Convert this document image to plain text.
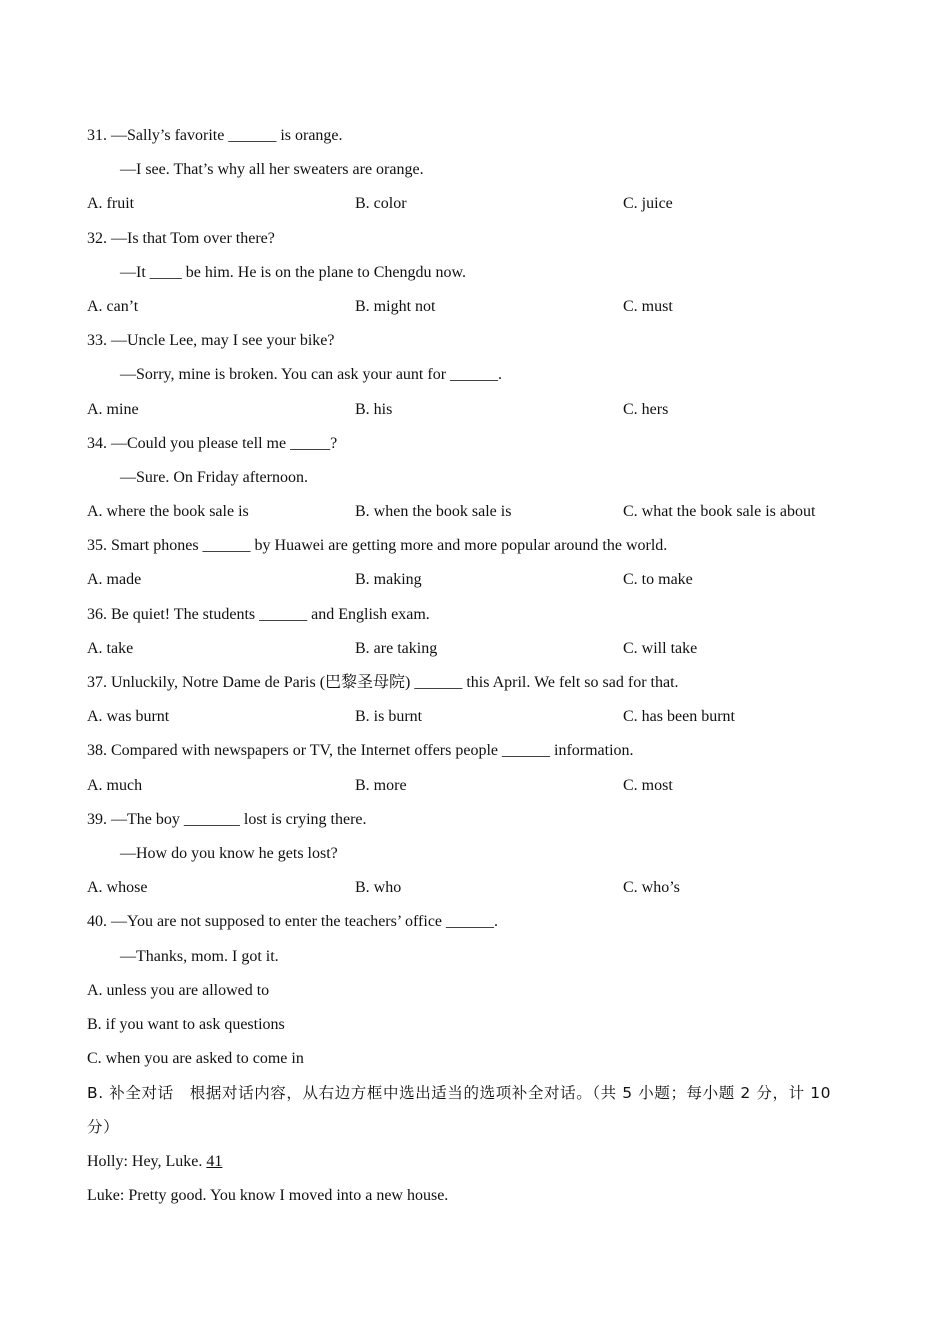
31. —Sally’s favorite ______ is orange.
—I see. That’s why all her sweaters are orange.
A. fruit	B. color	C. juice
32. —Is that Tom over there?
—It ____ be him. He is on the plane to Chengdu now.
A. can’t	B. might not	C. must
33. —Uncle Lee, may I see your bike?
—Sorry, mine is broken. You can ask your aunt for ______.
A. mine	B. his	C. hers
34. —Could you please tell me _____?
—Sure. On Friday afternoon.
A. where the book sale is	B. when the book sale is	C. what the book sale is about
35. Smart phones ______ by Huawei are getting more and more popular around the world.
A. made	B. making	C. to make
36. Be quiet! The students ______ and English exam.
A. take	B. are taking	C. will take
37. Unluckily, Notre Dame de Paris (巴黎圣母院) ______ this April. We felt so sad for that.
A. was burnt	B. is burnt	C. has been burnt
38. Compared with newspapers or TV, the Internet offers people ______ information.
A. much	B. more	C. most
39. —The boy _______ lost is crying there.
—How do you know he gets lost?
A. whose	B. who	C. who’s
40. —You are not supposed to enter the teachers’ office ______.
—Thanks, mom. I got it.
A. unless you are allowed to
B. if you want to ask questions
C. when you are asked to come in
B. 补全对话　根据对话内容，从右边方框中选出适当的选项补全对话。（共 5 小题；每小题 2 分，计 10
分）
Holly: Hey, Luke. 41
Luke: Pretty good. You know I moved into a new house.
